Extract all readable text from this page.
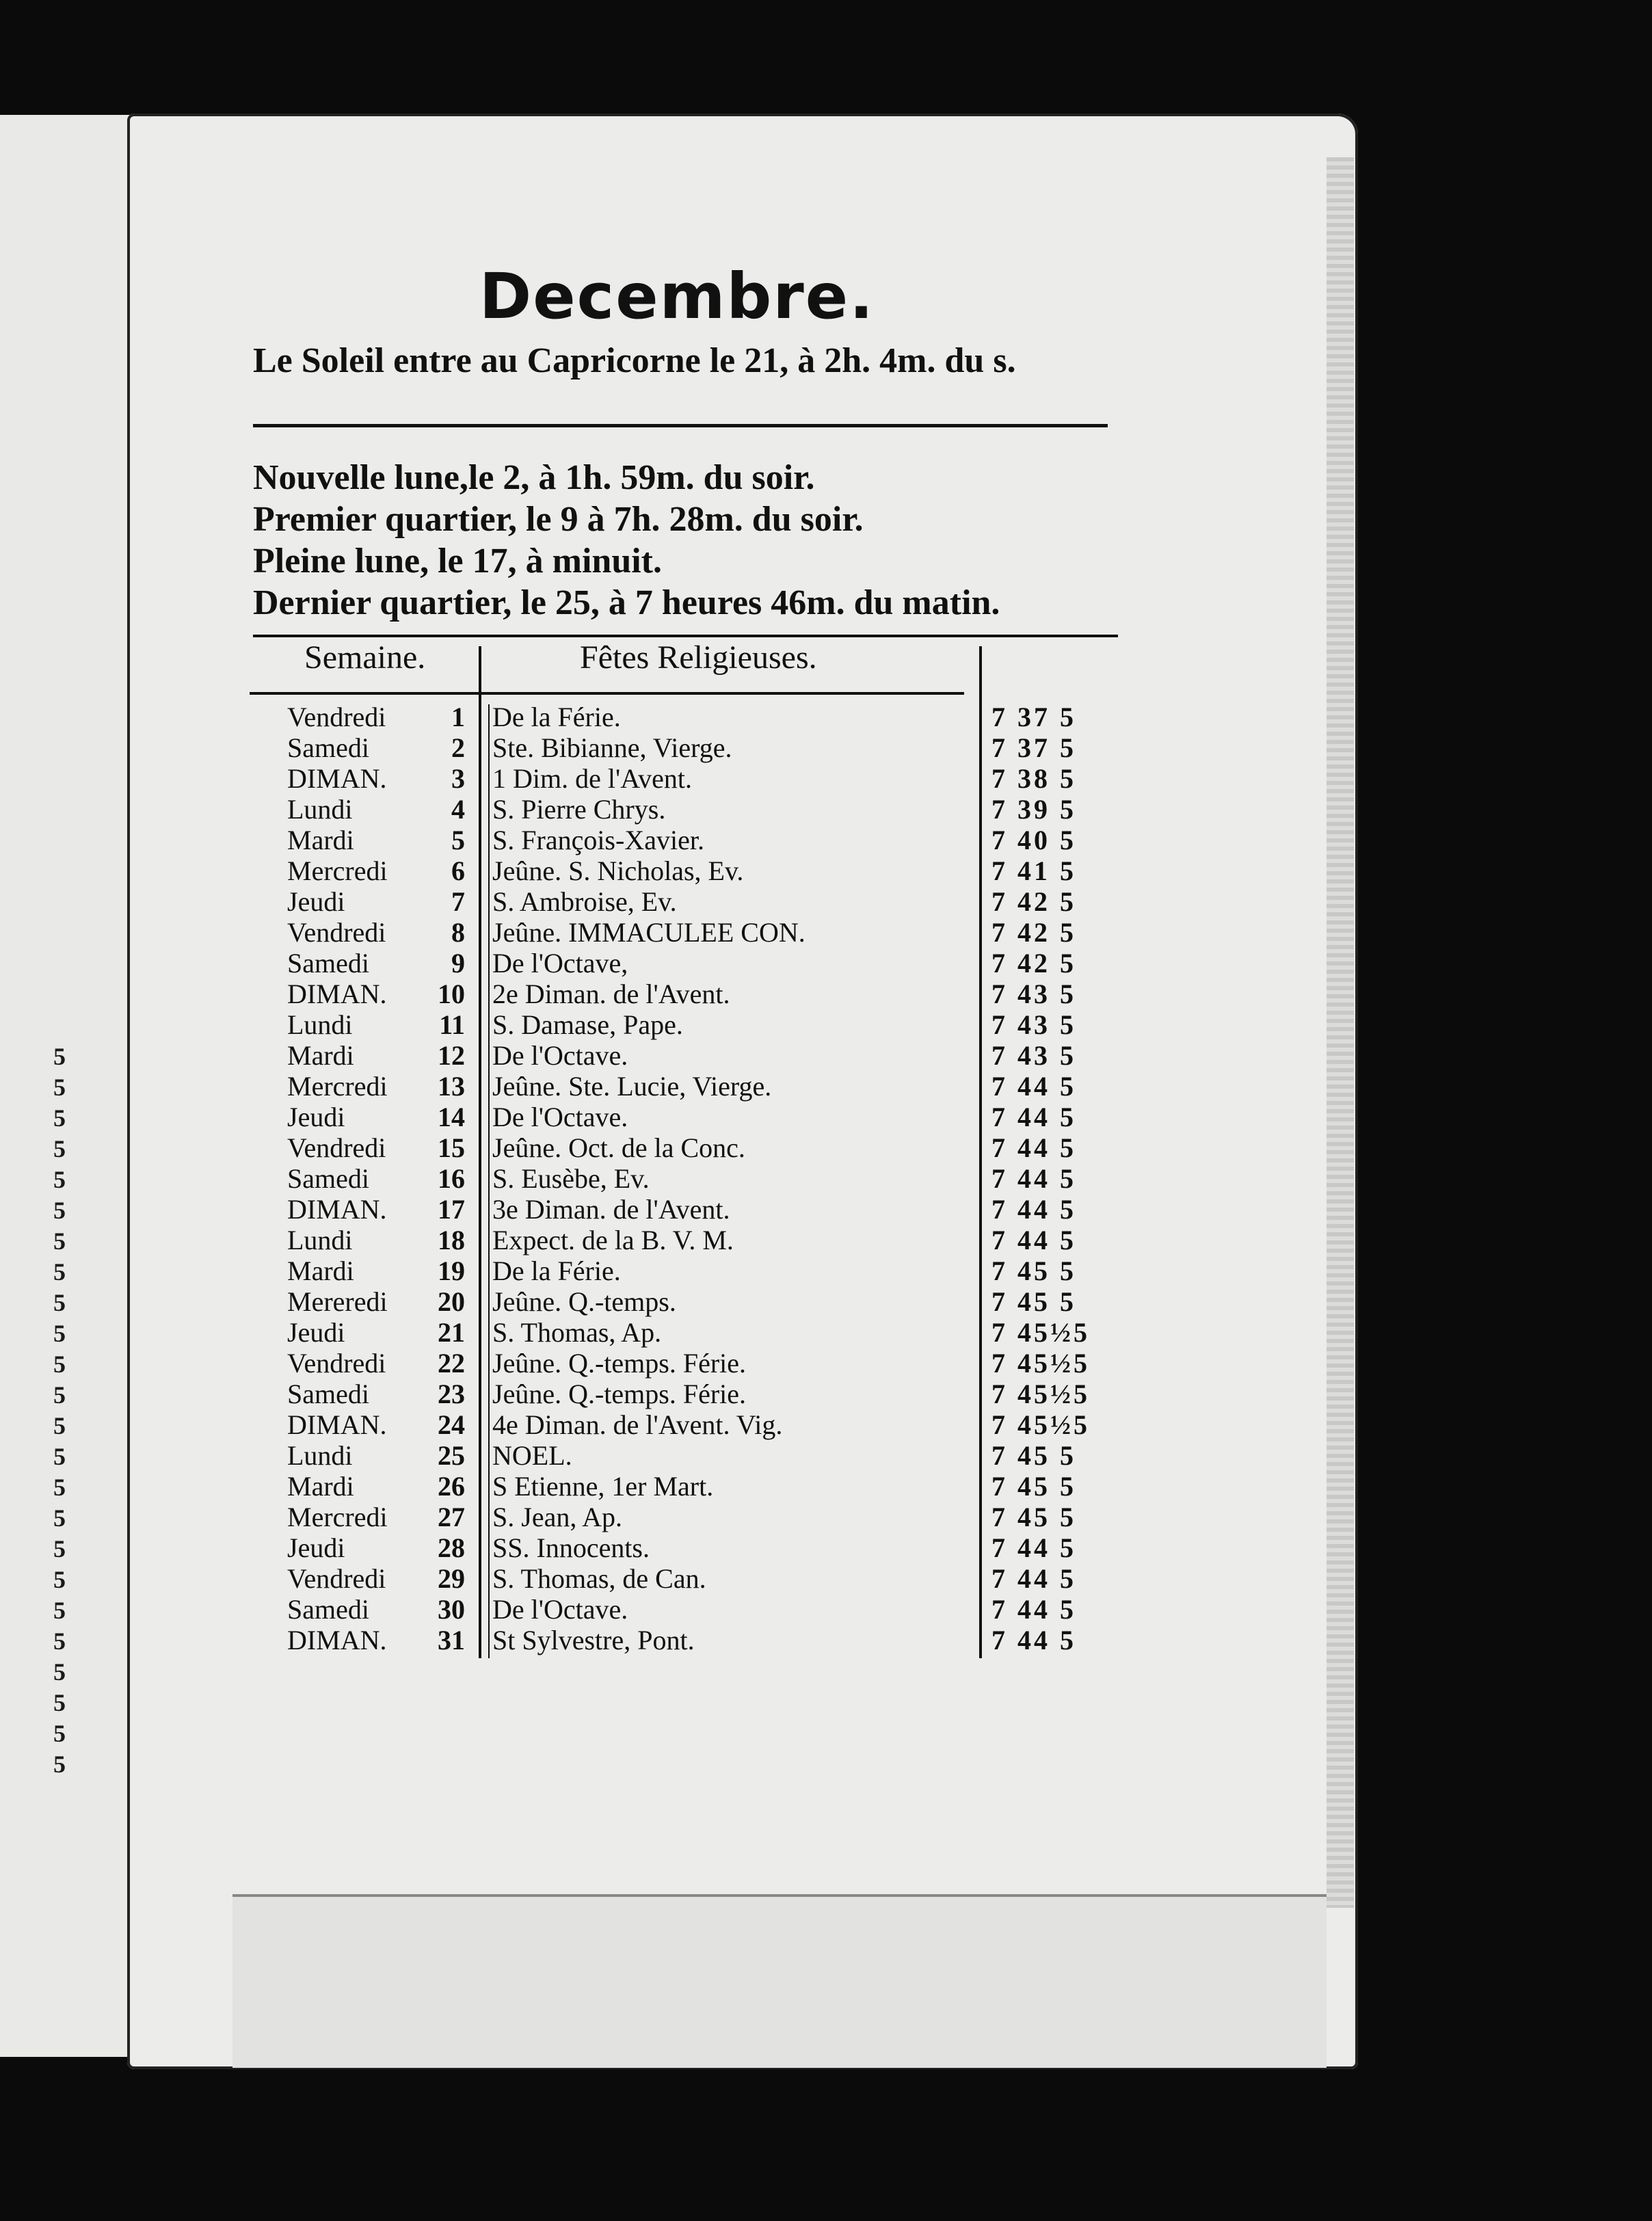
5
5
5
5
5
5
5
5
5
5
5
5
5
5
5
5
5
5
5
5
5
5
5
5
Decembre.
Le Soleil entre au Capricorne le 21, à 2h. 4m. du s.
Nouvelle lune,le 2, à 1h. 59m. du soir.
Premier quartier, le 9 à 7h. 28m. du soir.
Pleine lune, le 17, à minuit.
Dernier quartier, le 25, à 7 heures 46m. du matin.
Semaine.	Fêtes Religieuses.
Vendredi	1 De la Férie.	7 37 5
Samedi	2 Ste. Bibianne, Vierge.	7 37 5
DIMAN.	3 1 Dim. de l'Avent.	7 38 5
Lundi	4 S. Pierre Chrys.	7 39 5
Mardi	5 S. François-Xavier.	7 40 5
Mercredi	6 Jeûne. S. Nicholas, Ev.	7 41 5
Jeudi	7 S. Ambroise, Ev.	7 42 5
Vendredi	8 Jeûne. IMMACULEE CON.	7 42 5
Samedi	9 De l'Octave,	7 42 5
DIMAN.	10 2e Diman. de l'Avent.	7 43 5
Lundi	11 S. Damase, Pape.	7 43 5
Mardi	12 De l'Octave.	7 43 5
Mercredi	13 Jeûne. Ste. Lucie, Vierge.	7 44 5
Jeudi	14 De l'Octave.	7 44 5
Vendredi	15 Jeûne. Oct. de la Conc.	7 44 5
Samedi	16 S. Eusèbe, Ev.	7 44 5
DIMAN.	17 3e Diman. de l'Avent.	7 44 5
Lundi	18 Expect. de la B. V. M.	7 44 5
Mardi	19 De la Férie.	7 45 5
Mereredi	20 Jeûne. Q.-temps.	7 45 5
Jeudi	21 S. Thomas, Ap.	7 45½5
Vendredi	22 Jeûne. Q.-temps. Férie.	7 45½5
Samedi	23 Jeûne. Q.-temps. Férie.	7 45½5
DIMAN.	24 4e Diman. de l'Avent. Vig.	7 45½5
Lundi	25 NOEL.	7 45 5
Mardi	26 S Etienne, 1er Mart.	7 45 5
Mercredi	27 S. Jean, Ap.	7 45 5
Jeudi	28 SS. Innocents.	7 44 5
Vendredi	29 S. Thomas, de Can.	7 44 5
Samedi	30 De l'Octave.	7 44 5
DIMAN.	31 St Sylvestre, Pont.	7 44 5
